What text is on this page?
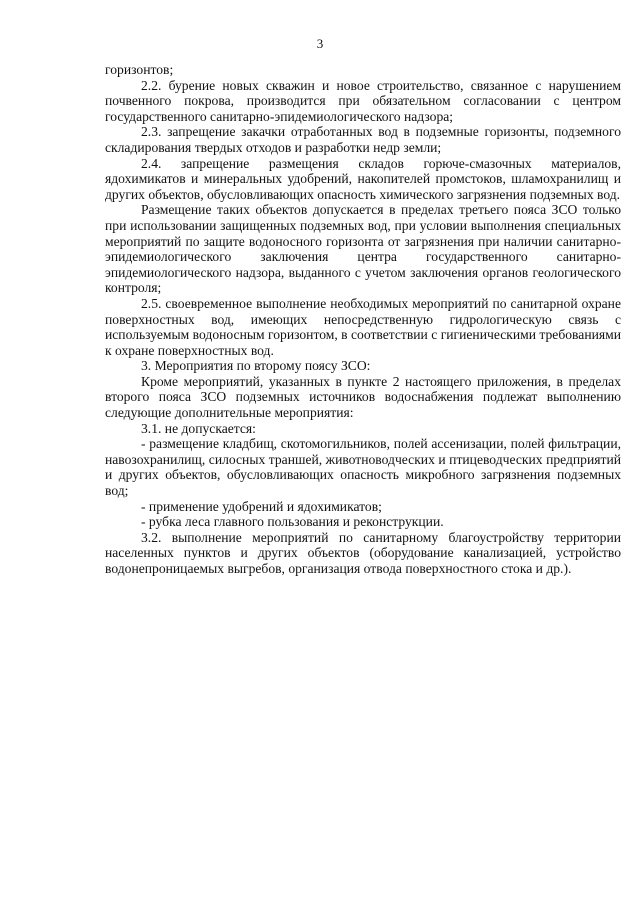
3

горизонтов;

2.2. бурение новых скважин и новое строительство, связанное с нарушением почвенного покрова, производится при обязательном согласовании с центром государственного санитарно-эпидемиологического надзора;

2.3. запрещение закачки отработанных вод в подземные горизонты, подземного складирования твердых отходов и разработки недр земли;

2.4. запрещение размещения складов горюче-смазочных материалов, ядохимикатов и минеральных удобрений, накопителей промстоков, шламохранилищ и других объектов, обусловливающих опасность химического загрязнения подземных вод.

Размещение таких объектов допускается в пределах третьего пояса ЗСО только при использовании защищенных подземных вод, при условии выполнения специальных мероприятий по защите водоносного горизонта от загрязнения при наличии санитарно-эпидемиологического заключения центра государственного санитарно-эпидемиологического надзора, выданного с учетом заключения органов геологического контроля;

2.5. своевременное выполнение необходимых мероприятий по санитарной охране поверхностных вод, имеющих непосредственную гидрологическую связь с используемым водоносным горизонтом, в соответствии с гигиеническими требованиями к охране поверхностных вод.

3. Мероприятия по второму поясу ЗСО:

Кроме мероприятий, указанных в пункте 2 настоящего приложения, в пределах второго пояса ЗСО подземных источников водоснабжения подлежат выполнению следующие дополнительные мероприятия:

3.1. не допускается:

- размещение кладбищ, скотомогильников, полей ассенизации, полей фильтрации, навозохранилищ, силосных траншей, животноводческих и птицеводческих предприятий и других объектов, обусловливающих опасность микробного загрязнения подземных вод;

- применение удобрений и ядохимикатов;

- рубка леса главного пользования и реконструкции.

3.2. выполнение мероприятий по санитарному благоустройству территории населенных пунктов и других объектов (оборудование канализацией, устройство водонепроницаемых выгребов, организация отвода поверхностного стока и др.).
